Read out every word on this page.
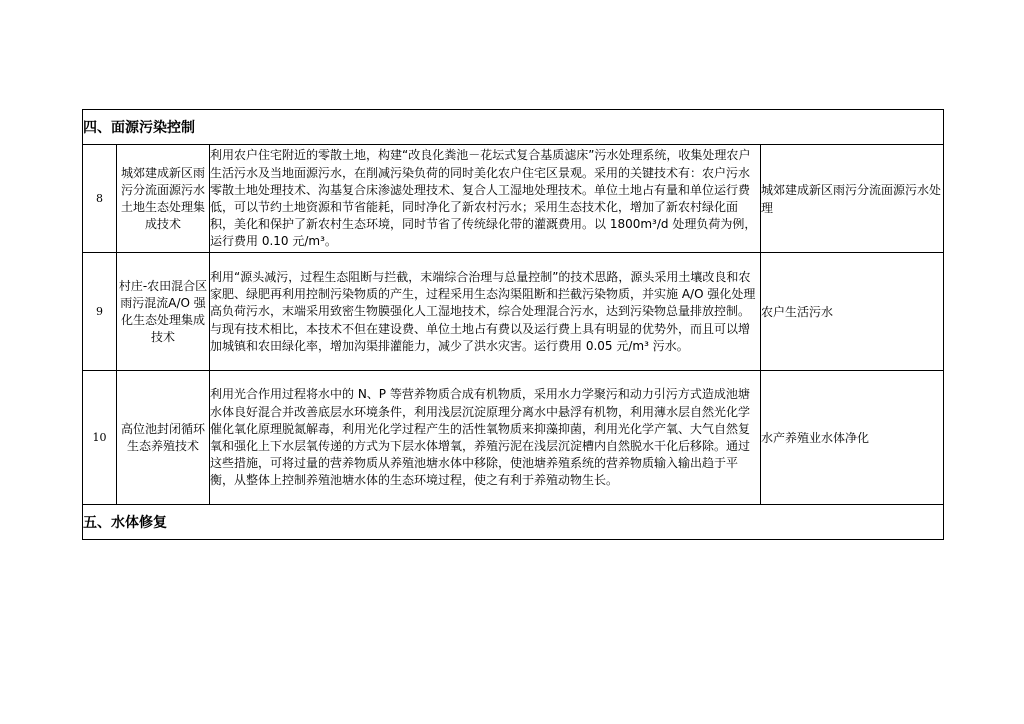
四、面源污染控制			
8	城郊建成新区雨污分流面源污水土地生态处理集成技术	利用农户住宅附近的零散土地，构建“改良化粪池－花坛式复合基质滤床”污水处理系统，收集处理农户生活污水及当地面源污水，在削减污染负荷的同时美化农户住宅区景观。采用的关键技术有：农户污水零散土地处理技术、沟基复合床渗滤处理技术、复合人工湿地处理技术。单位土地占有量和单位运行费低，可以节约土地资源和节省能耗，同时净化了新农村污水；采用生态技术化，增加了新农村绿化面积，美化和保护了新农村生态环境，同时节省了传统绿化带的灌溉费用。以 1800m³/d 处理负荷为例，运行费用 0.10 元/m³。	城郊建成新区雨污分流面源污水处理
9	村庄-农田混合区雨污混流A/O 强化生态处理集成技术	利用“源头减污，过程生态阻断与拦截，末端综合治理与总量控制”的技术思路，源头采用土壤改良和农家肥、绿肥再利用控制污染物质的产生，过程采用生态沟渠阻断和拦截污染物质，并实施 A/O 强化处理高负荷污水，末端采用致密生物膜强化人工湿地技术，综合处理混合污水，达到污染物总量排放控制。与现有技术相比，本技术不但在建设费、单位土地占有费以及运行费上具有明显的优势外，而且可以增加城镇和农田绿化率，增加沟渠排灌能力，减少了洪水灾害。运行费用 0.05 元/m³ 污水。	农户生活污水
10	高位池封闭循环生态养殖技术	利用光合作用过程将水中的 N、P 等营养物质合成有机物质，采用水力学聚污和动力引污方式造成池塘水体良好混合并改善底层水环境条件，利用浅层沉淀原理分离水中悬浮有机物，利用薄水层自然光化学催化氧化原理脱氮解毒，利用光化学过程产生的活性氧物质来抑藻抑菌，利用光化学产氧、大气自然复氧和强化上下水层氧传递的方式为下层水体增氧，养殖污泥在浅层沉淀槽内自然脱水干化后移除。通过这些措施，可将过量的营养物质从养殖池塘水体中移除，使池塘养殖系统的营养物质输入输出趋于平衡，从整体上控制养殖池塘水体的生态环境过程，使之有利于养殖动物生长。	水产养殖业水体净化
五、水体修复			
